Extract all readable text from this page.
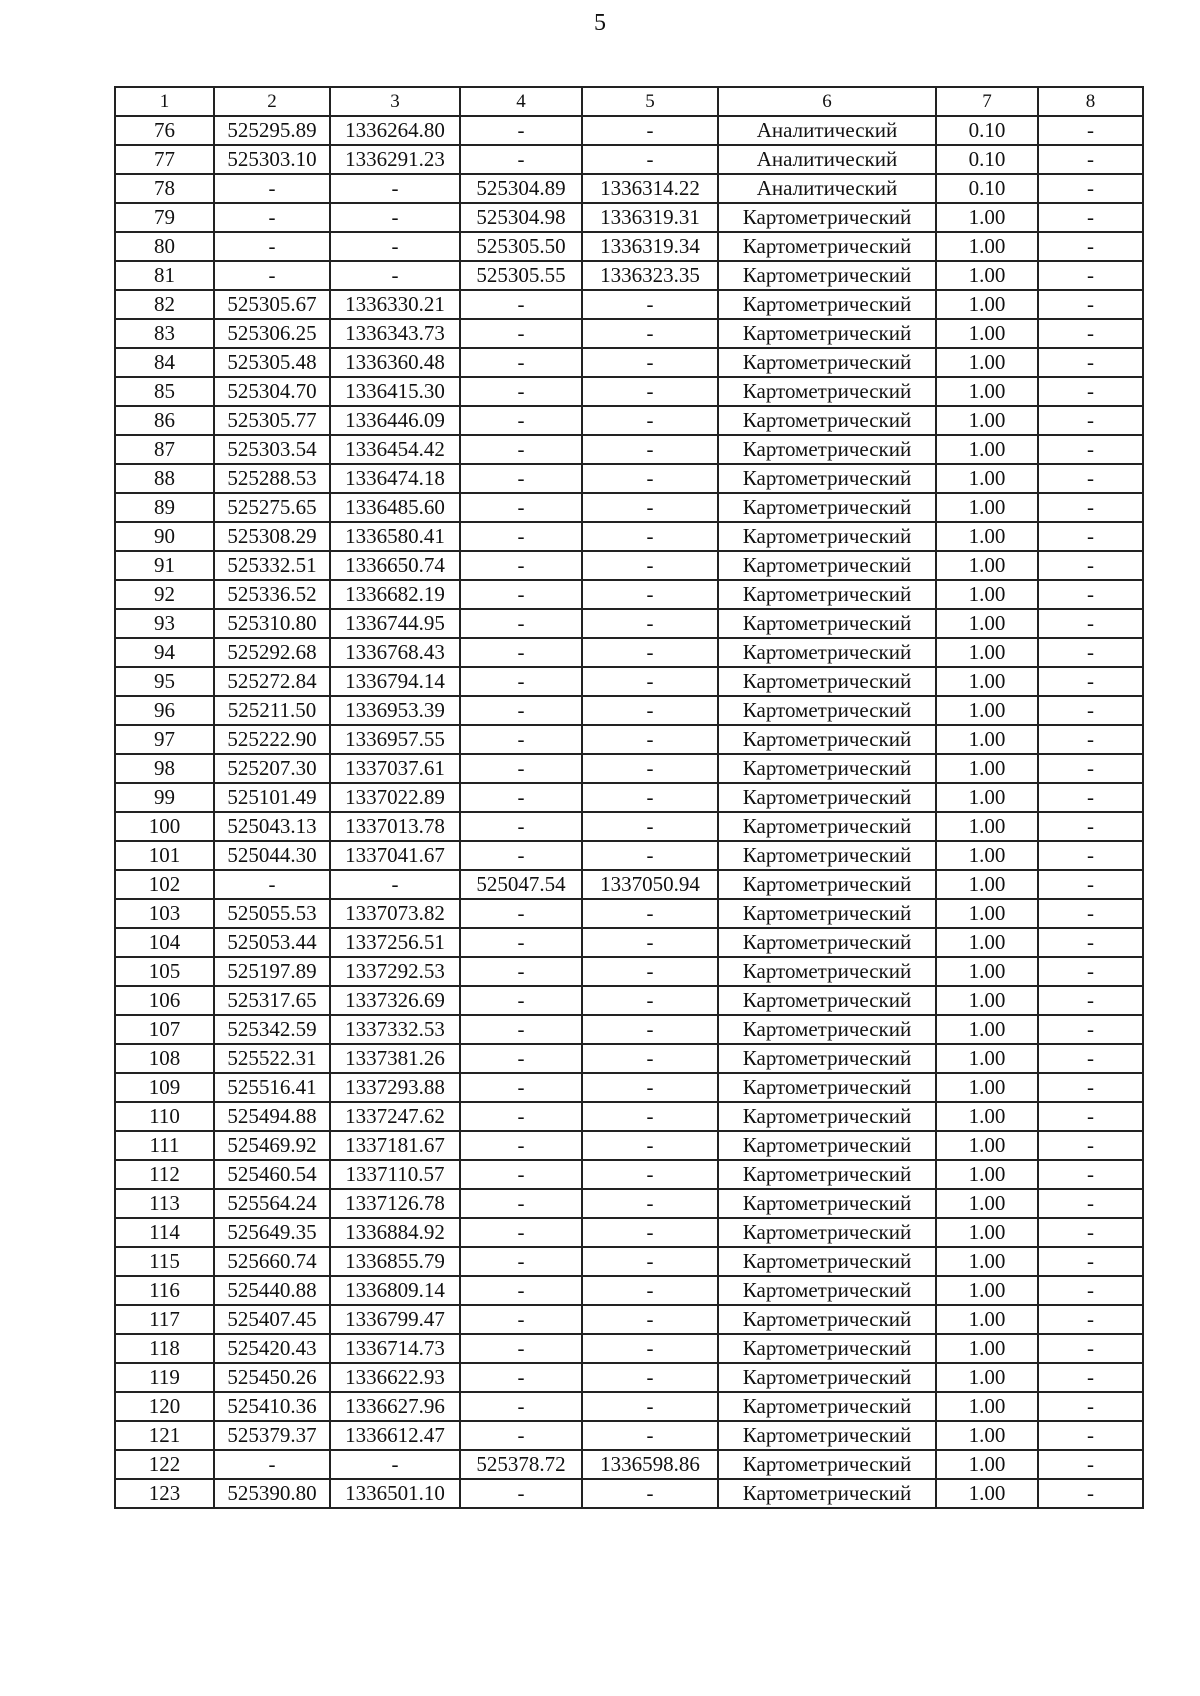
5
1	2	3	4	5	6	7	8
76	525295.89	1336264.80	-	-	Аналитический	0.10	-
77	525303.10	1336291.23	-	-	Аналитический	0.10	-
78	-	-	525304.89	1336314.22	Аналитический	0.10	-
79	-	-	525304.98	1336319.31	Картометрический	1.00	-
80	-	-	525305.50	1336319.34	Картометрический	1.00	-
81	-	-	525305.55	1336323.35	Картометрический	1.00	-
82	525305.67	1336330.21	-	-	Картометрический	1.00	-
83	525306.25	1336343.73	-	-	Картометрический	1.00	-
84	525305.48	1336360.48	-	-	Картометрический	1.00	-
85	525304.70	1336415.30	-	-	Картометрический	1.00	-
86	525305.77	1336446.09	-	-	Картометрический	1.00	-
87	525303.54	1336454.42	-	-	Картометрический	1.00	-
88	525288.53	1336474.18	-	-	Картометрический	1.00	-
89	525275.65	1336485.60	-	-	Картометрический	1.00	-
90	525308.29	1336580.41	-	-	Картометрический	1.00	-
91	525332.51	1336650.74	-	-	Картометрический	1.00	-
92	525336.52	1336682.19	-	-	Картометрический	1.00	-
93	525310.80	1336744.95	-	-	Картометрический	1.00	-
94	525292.68	1336768.43	-	-	Картометрический	1.00	-
95	525272.84	1336794.14	-	-	Картометрический	1.00	-
96	525211.50	1336953.39	-	-	Картометрический	1.00	-
97	525222.90	1336957.55	-	-	Картометрический	1.00	-
98	525207.30	1337037.61	-	-	Картометрический	1.00	-
99	525101.49	1337022.89	-	-	Картометрический	1.00	-
100	525043.13	1337013.78	-	-	Картометрический	1.00	-
101	525044.30	1337041.67	-	-	Картометрический	1.00	-
102	-	-	525047.54	1337050.94	Картометрический	1.00	-
103	525055.53	1337073.82	-	-	Картометрический	1.00	-
104	525053.44	1337256.51	-	-	Картометрический	1.00	-
105	525197.89	1337292.53	-	-	Картометрический	1.00	-
106	525317.65	1337326.69	-	-	Картометрический	1.00	-
107	525342.59	1337332.53	-	-	Картометрический	1.00	-
108	525522.31	1337381.26	-	-	Картометрический	1.00	-
109	525516.41	1337293.88	-	-	Картометрический	1.00	-
110	525494.88	1337247.62	-	-	Картометрический	1.00	-
111	525469.92	1337181.67	-	-	Картометрический	1.00	-
112	525460.54	1337110.57	-	-	Картометрический	1.00	-
113	525564.24	1337126.78	-	-	Картометрический	1.00	-
114	525649.35	1336884.92	-	-	Картометрический	1.00	-
115	525660.74	1336855.79	-	-	Картометрический	1.00	-
116	525440.88	1336809.14	-	-	Картометрический	1.00	-
117	525407.45	1336799.47	-	-	Картометрический	1.00	-
118	525420.43	1336714.73	-	-	Картометрический	1.00	-
119	525450.26	1336622.93	-	-	Картометрический	1.00	-
120	525410.36	1336627.96	-	-	Картометрический	1.00	-
121	525379.37	1336612.47	-	-	Картометрический	1.00	-
122	-	-	525378.72	1336598.86	Картометрический	1.00	-
123	525390.80	1336501.10	-	-	Картометрический	1.00	-
